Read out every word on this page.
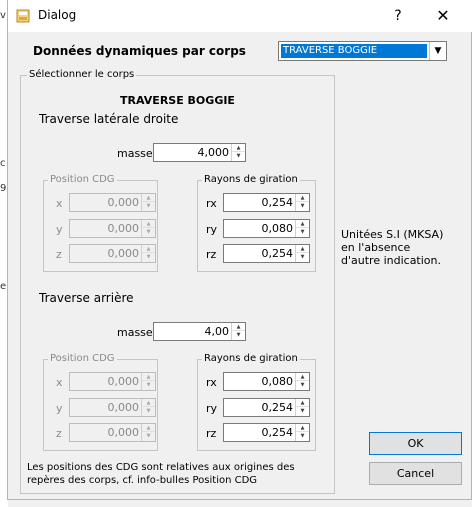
v
c
9
e
Dialog	?	✕
Données dynamiques par corps	TRAVERSE BOGGIE	▼
Sélectionner le corps
TRAVERSE BOGGIE
Traverse latérale droite
masse	4,000	▲
▼
Position CDG
x	0,000	▲
▼
y	0,000	▲
▼
z	0,000	▲
▼
Rayons de giration
rx	0,254	▲
▼
ry	0,080	▲
▼
rz	0,254	▲
▼
Traverse arrière
masse	4,00	▲
▼
Position CDG
x	0,000	▲
▼
y	0,000	▲
▼
z	0,000	▲
▼
Rayons de giration
rx	0,080	▲
▼
ry	0,254	▲
▼
rz	0,254	▲
▼
Les positions des CDG sont relatives aux origines des repères des corps, cf. info-bulles Position CDG
Unitées S.I (MKSA)
en l'absence
d'autre indication.
OK
Cancel
